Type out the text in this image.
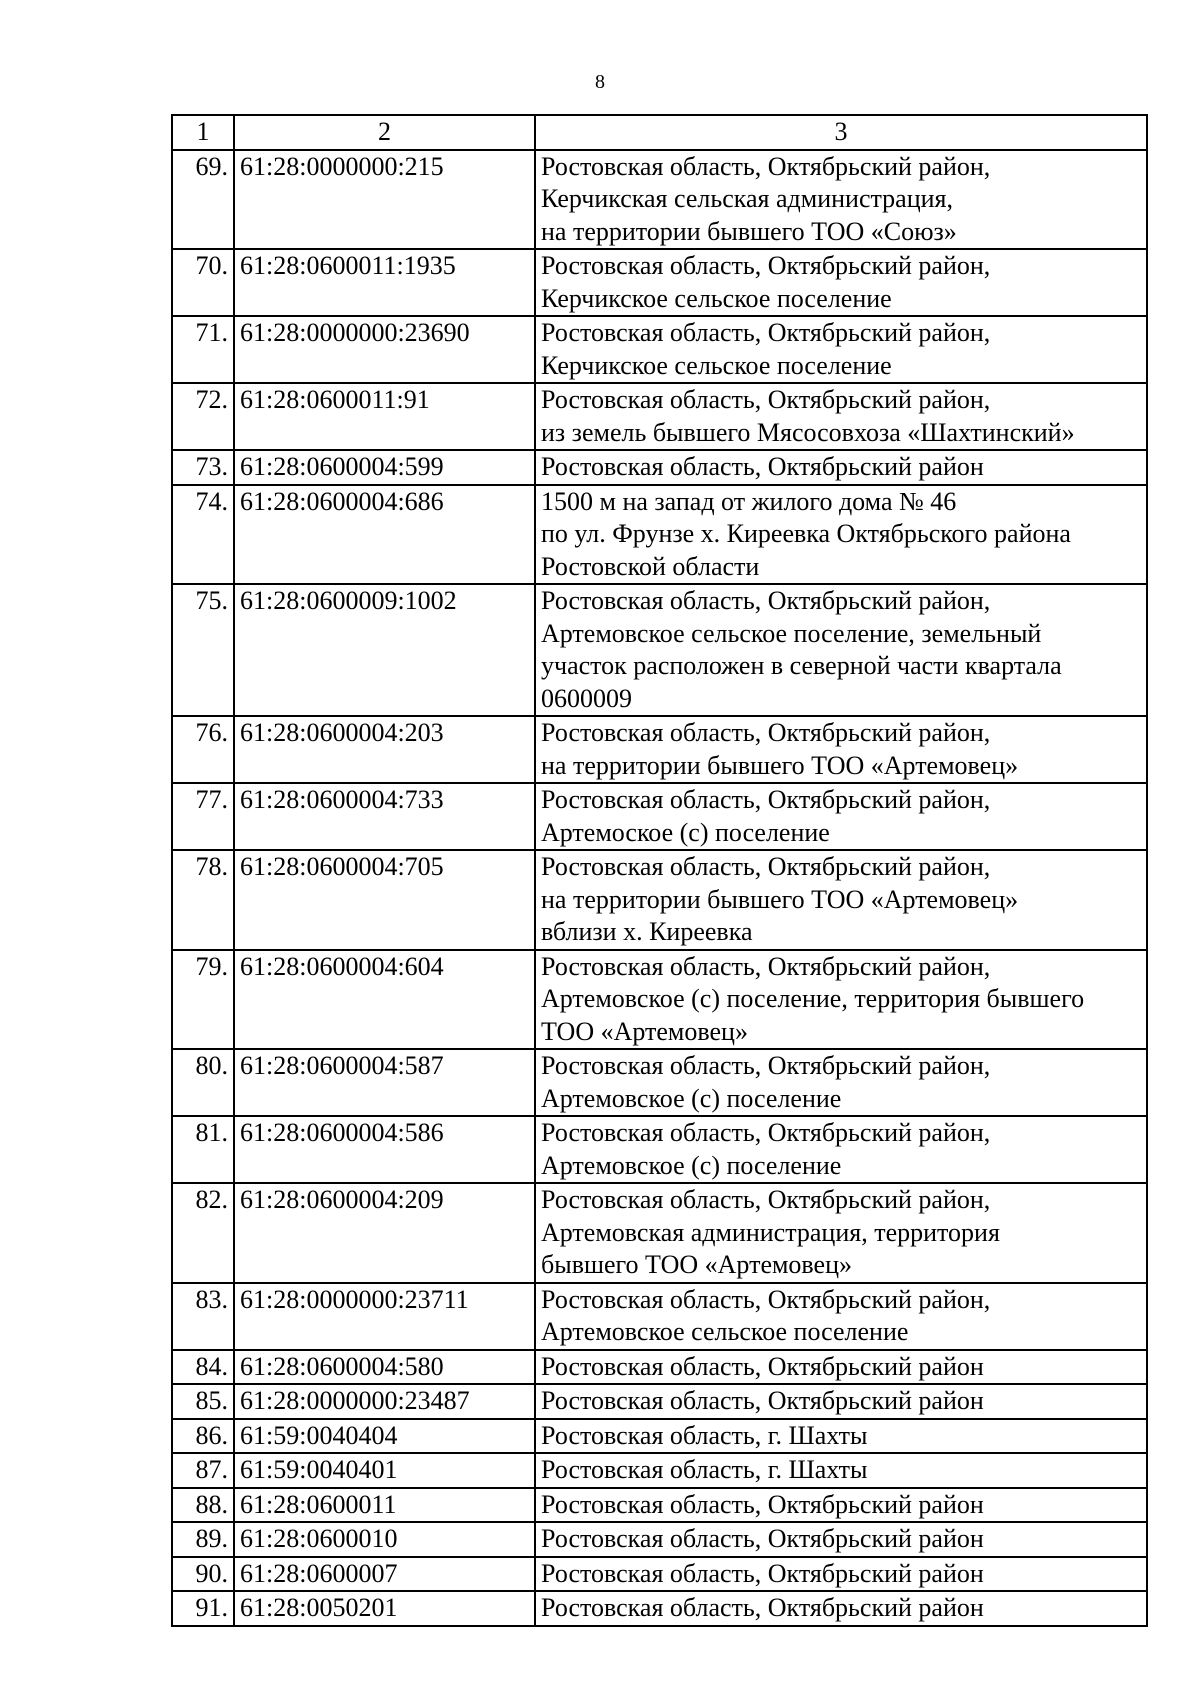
8
1	2	3
69.	61:28:0000000:215	Ростовская область, Октябрьский район,
Керчикская сельская администрация,
на территории бывшего ТОО «Союз»
70.	61:28:0600011:1935	Ростовская область, Октябрьский район,
Керчикское сельское поселение
71.	61:28:0000000:23690	Ростовская область, Октябрьский район,
Керчикское сельское поселение
72.	61:28:0600011:91	Ростовская область, Октябрьский район,
из земель бывшего Мясосовхоза «Шахтинский»
73.	61:28:0600004:599	Ростовская область, Октябрьский район
74.	61:28:0600004:686	1500 м на запад от жилого дома № 46
по ул. Фрунзе х. Киреевка Октябрьского района
Ростовской области
75.	61:28:0600009:1002	Ростовская область, Октябрьский район,
Артемовское сельское поселение, земельный
участок расположен в северной части квартала
0600009
76.	61:28:0600004:203	Ростовская область, Октябрьский район,
на территории бывшего ТОО «Артемовец»
77.	61:28:0600004:733	Ростовская область, Октябрьский район,
Артемоское (с) поселение
78.	61:28:0600004:705	Ростовская область, Октябрьский район,
на территории бывшего ТОО «Артемовец»
вблизи х. Киреевка
79.	61:28:0600004:604	Ростовская область, Октябрьский район,
Артемовское (с) поселение, территория бывшего
ТОО «Артемовец»
80.	61:28:0600004:587	Ростовская область, Октябрьский район,
Артемовское (с) поселение
81.	61:28:0600004:586	Ростовская область, Октябрьский район,
Артемовское (с) поселение
82.	61:28:0600004:209	Ростовская область, Октябрьский район,
Артемовская администрация, территория
бывшего ТОО «Артемовец»
83.	61:28:0000000:23711	Ростовская область, Октябрьский район,
Артемовское сельское поселение
84.	61:28:0600004:580	Ростовская область, Октябрьский район
85.	61:28:0000000:23487	Ростовская область, Октябрьский район
86.	61:59:0040404	Ростовская область, г. Шахты
87.	61:59:0040401	Ростовская область, г. Шахты
88.	61:28:0600011	Ростовская область, Октябрьский район
89.	61:28:0600010	Ростовская область, Октябрьский район
90.	61:28:0600007	Ростовская область, Октябрьский район
91.	61:28:0050201	Ростовская область, Октябрьский район
